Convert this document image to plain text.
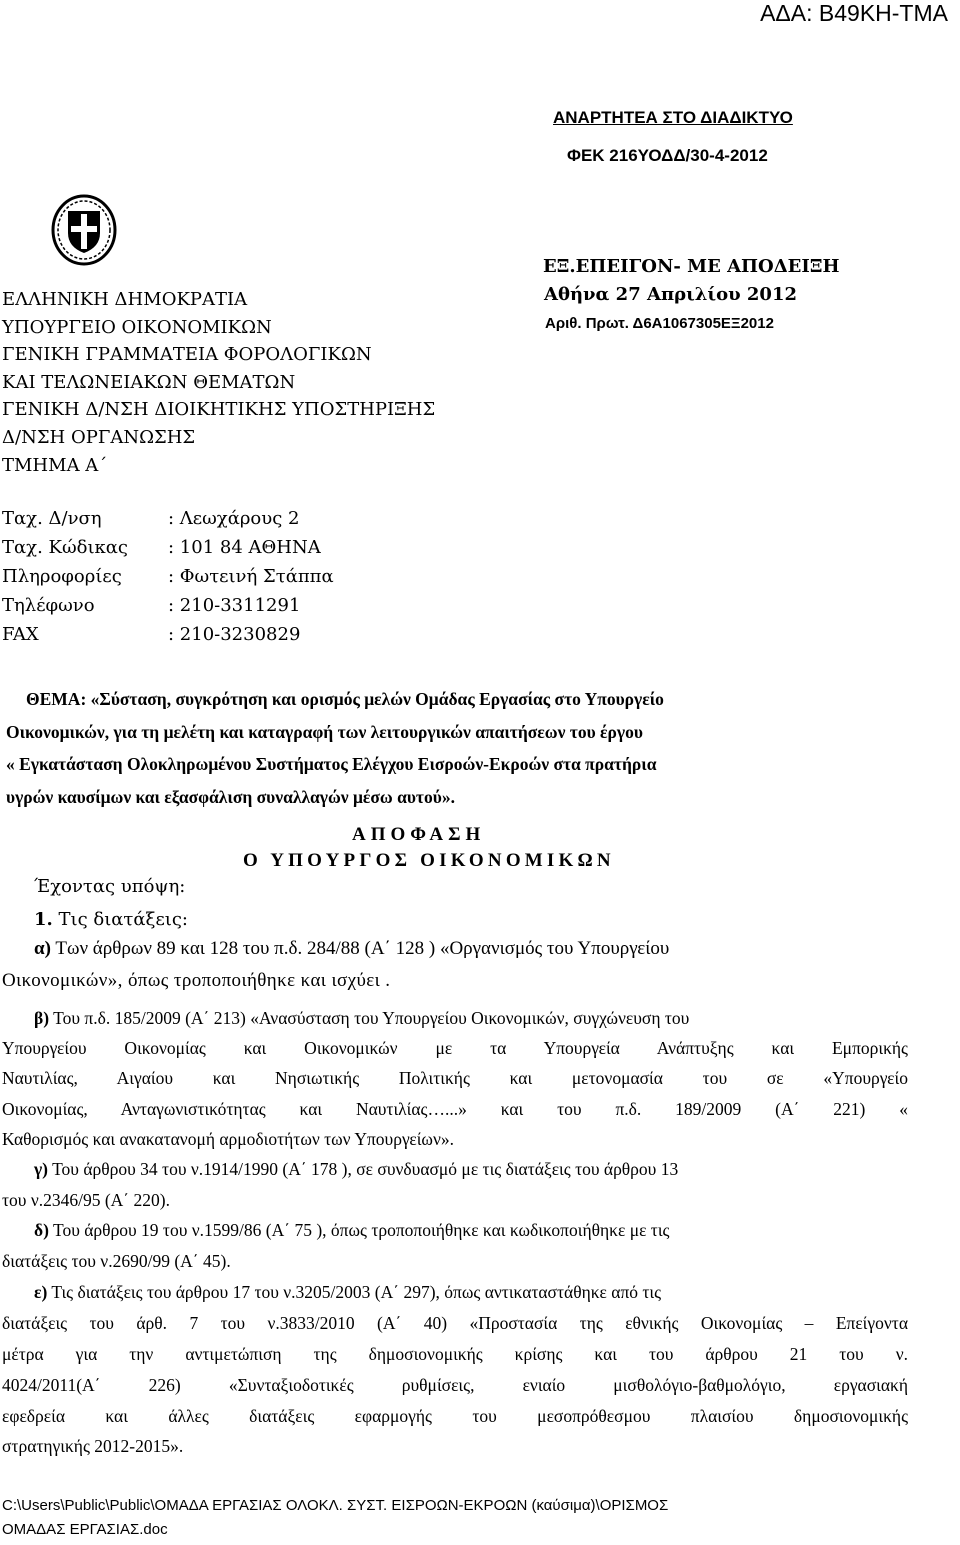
ΑΔΑ: Β49ΚΗ-ΤΜΑ
ΑΝΑΡΤΗΤΕΑ ΣΤΟ ΔΙΑΔΙΚΤΥΟ
ΦΕΚ 216ΥΟΔΔ/30-4-2012
ΕΛΛΗΝΙΚΗ ΔΗΜΟΚΡΑΤΙΑ
ΥΠΟΥΡΓΕΙΟ ΟΙΚΟΝΟΜΙΚΩΝ
ΓΕΝΙΚΗ ΓΡΑΜΜΑΤΕΙΑ ΦΟΡΟΛΟΓΙΚΩΝ
ΚΑΙ ΤΕΛΩΝΕΙΑΚΩΝ ΘΕΜΑΤΩΝ
ΓΕΝΙΚΗ Δ/ΝΣΗ ΔΙΟΙΚΗΤΙΚΗΣ ΥΠΟΣΤΗΡΙΞΗΣ
Δ/ΝΣΗ ΟΡΓΑΝΩΣΗΣ
ΤΜΗΜΑ Α΄
ΕΞ.ΕΠΕΙΓΟΝ- ΜΕ ΑΠΟΔΕΙΞΗ
Αθήνα 27 Απριλίου 2012
Αριθ. Πρωτ. Δ6Α1067305ΕΞ2012
Ταχ. Δ/νση	: Λεωχάρους 2
Ταχ. Κώδικας : 101 84 ΑΘΗΝΑ
Πληροφορίες	: Φωτεινή Στάππα
Τηλέφωνο	: 210-3311291
FAX	: 210-3230829
ΘΕΜΑ: «Σύσταση, συγκρότηση και ορισμός μελών Ομάδας Εργασίας στο Υπουργείο
Οικονομικών, για τη μελέτη και καταγραφή των λειτουργικών απαιτήσεων του έργου
« Εγκατάσταση Ολοκληρωμένου Συστήματος Ελέγχου Εισροών-Εκροών στα πρατήρια
υγρών καυσίμων και εξασφάλιση συναλλαγών μέσω αυτού».
ΑΠΟΦΑΣΗ
Ο ΥΠΟΥΡΓΟΣ ΟΙΚΟΝΟΜΙΚΩΝ
Έχοντας υπόψη:
1. Τις διατάξεις:
α) Των άρθρων 89 και 128 του π.δ. 284/88 (Α΄ 128 ) «Οργανισμός του Υπουργείου
Οικονομικών», όπως τροποποιήθηκε και ισχύει .
β) Του π.δ. 185/2009 (Α΄ 213) «Ανασύσταση του Υπουργείου Οικονομικών, συγχώνευση του
Υπουργείου Οικονομίας και Οικονομικών με τα Υπουργεία Ανάπτυξης και Εμπορικής
Ναυτιλίας, Αιγαίου και Νησιωτικής Πολιτικής και μετονομασία του σε «Υπουργείο
Οικονομίας, Ανταγωνιστικότητας και Ναυτιλίας…...» και του π.δ. 189/2009 (Α΄ 221) «
Καθορισμός και ανακατανομή αρμοδιοτήτων των Υπουργείων».
γ) Του άρθρου 34 του ν.1914/1990 (Α΄ 178 ), σε συνδυασμό με τις διατάξεις του άρθρου 13
του ν.2346/95 (Α΄ 220).
δ) Του άρθρου 19 του ν.1599/86 (Α΄ 75 ), όπως τροποποιήθηκε και κωδικοποιήθηκε με τις
διατάξεις του ν.2690/99 (Α΄ 45).
ε) Τις διατάξεις του άρθρου 17 του ν.3205/2003 (Α΄ 297), όπως αντικαταστάθηκε από τις
διατάξεις του άρθ. 7 του ν.3833/2010 (Α΄ 40) «Προστασία της εθνικής Οικονομίας – Επείγοντα
μέτρα για την αντιμετώπιση της δημοσιονομικής κρίσης και του άρθρου 21 του ν.
4024/2011(Α΄ 226) «Συνταξιοδοτικές ρυθμίσεις, ενιαίο μισθολόγιο-βαθμολόγιο, εργασιακή
εφεδρεία και άλλες διατάξεις εφαρμογής του μεσοπρόθεσμου πλαισίου δημοσιονομικής
στρατηγικής 2012-2015».
C:\Users\Public\Public\ΟΜΑΔΑ ΕΡΓΑΣΙΑΣ ΟΛΟΚΛ. ΣΥΣΤ. ΕΙΣΡΟΩΝ-ΕΚΡΟΩΝ (καύσιμα)\ΟΡΙΣΜΟΣ
ΟΜΑΔΑΣ ΕΡΓΑΣΙΑΣ.doc
